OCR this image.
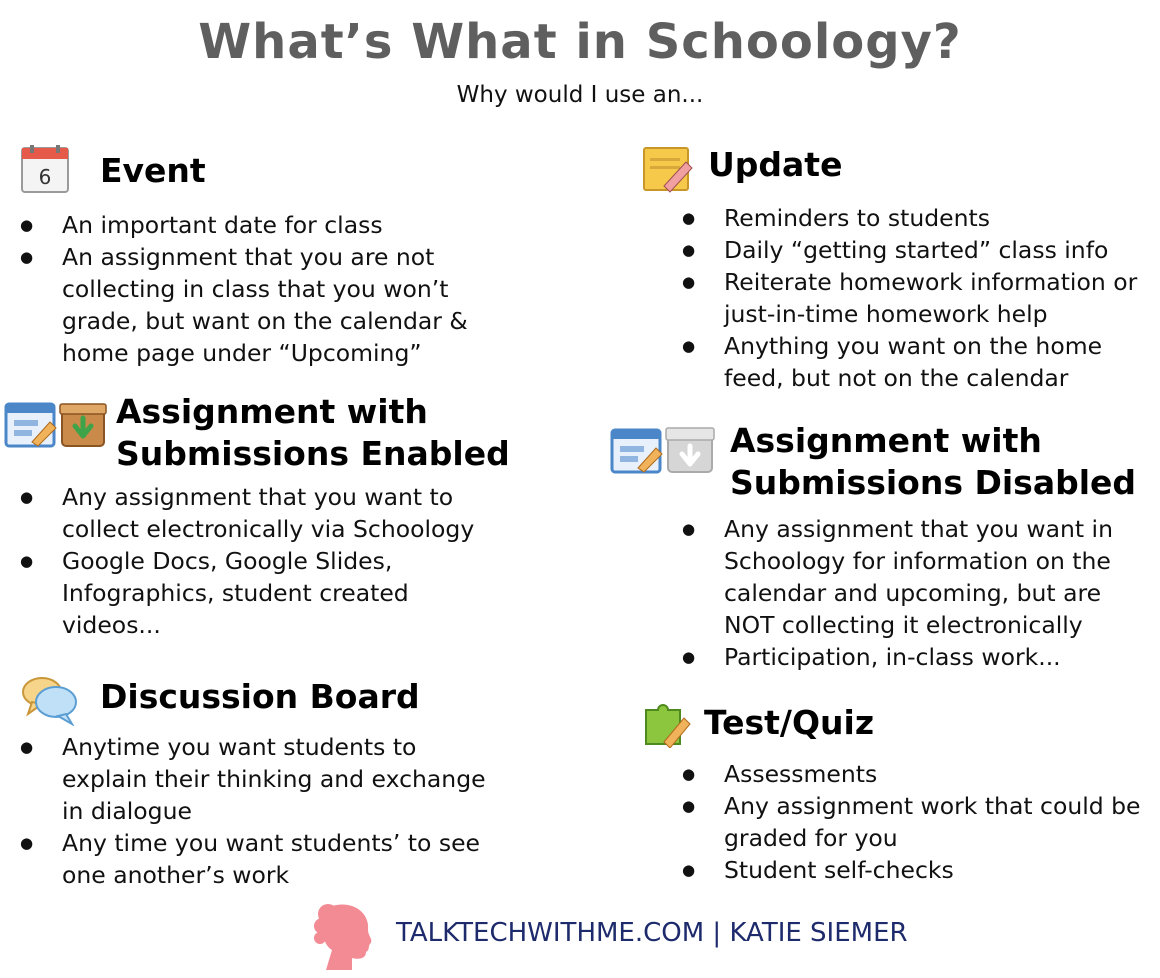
What’s What in Schoology?
Why would I use an...
6 Event
● An important date for class
● An assignment that you are not collecting in class that you won’t grade, but want on the calendar & home page under “Upcoming”
Assignment with
Submissions Enabled
● Any assignment that you want to collect electronically via Schoology
● Google Docs, Google Slides, Infographics, student created videos...
Discussion Board
● Anytime you want students to explain their thinking and exchange in dialogue
● Any time you want students’ to see one another’s work
Update
● Reminders to students
● Daily “getting started” class info
● Reiterate homework information or just-in-time homework help
● Anything you want on the home feed, but not on the calendar
Assignment with
Submissions Disabled
● Any assignment that you want in Schoology for information on the calendar and upcoming, but are NOT collecting it electronically
● Participation, in-class work...
Test/Quiz
● Assessments
● Any assignment work that could be graded for you
● Student self-checks
TALKTECHWITHME.COM | KATIE SIEMER
